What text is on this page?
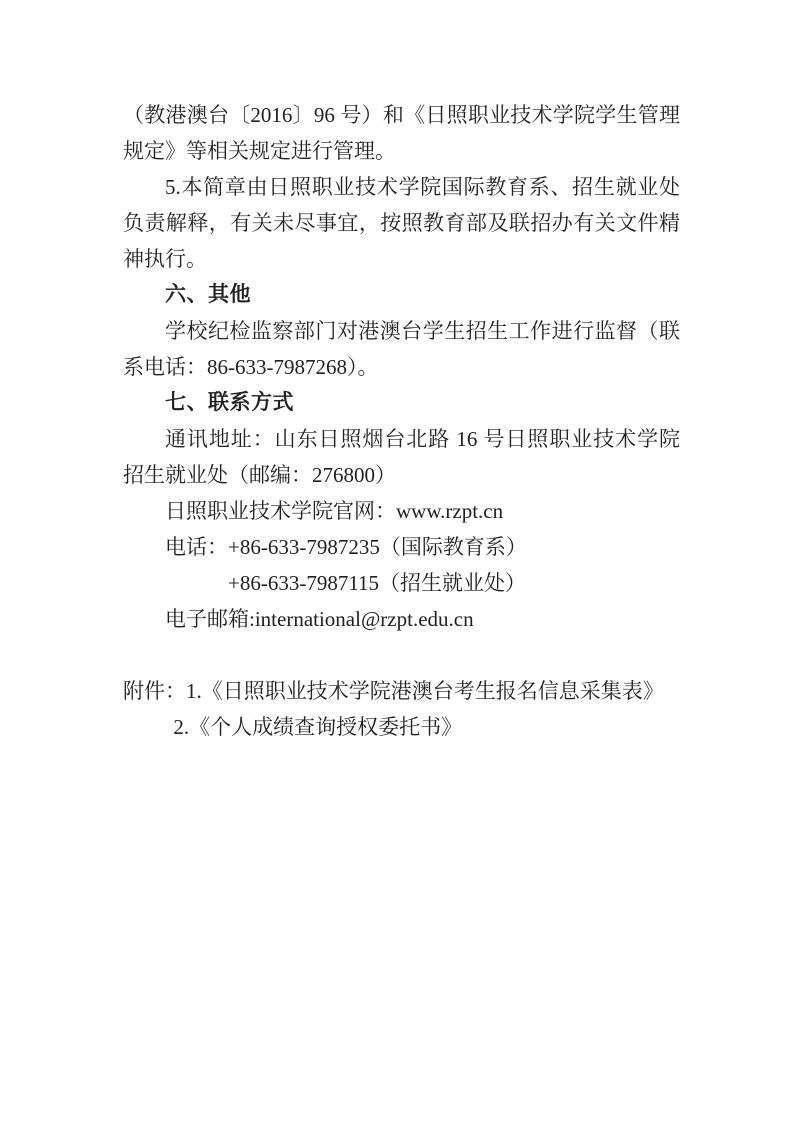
（教港澳台〔2016〕96 号）和《日照职业技术学院学生管理
规定》等相关规定进行管理。
5.本简章由日照职业技术学院国际教育系、招生就业处
负责解释，有关未尽事宜，按照教育部及联招办有关文件精
神执行。
六、其他
学校纪检监察部门对港澳台学生招生工作进行监督（联
系电话：86-633-7987268）。
七、联系方式
通讯地址：山东日照烟台北路 16 号日照职业技术学院
招生就业处（邮编：276800）
日照职业技术学院官网：www.rzpt.cn
电话：+86-633-7987235（国际教育系）
+86-633-7987115（招生就业处）
电子邮箱:international@rzpt.edu.cn

附件：1.《日照职业技术学院港澳台考生报名信息采集表》
2.《个人成绩查询授权委托书》
